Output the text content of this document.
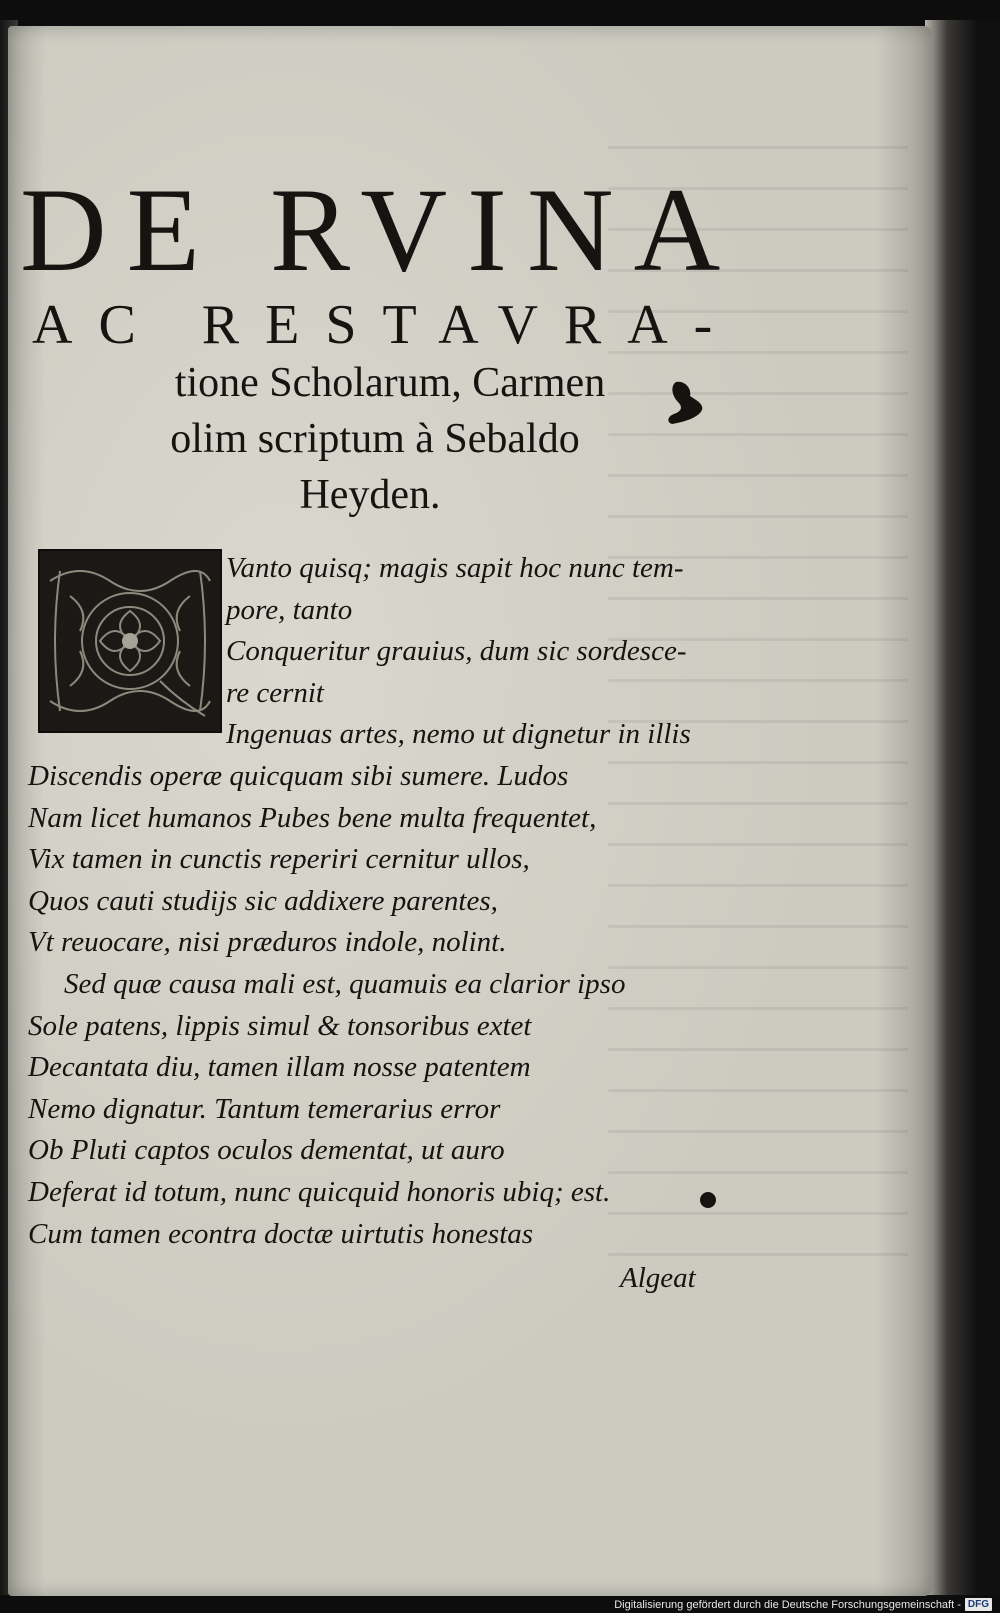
DE RVINA
AC RESTAVRA-
tione Scholarum, Carmen
olim scriptum à Sebaldo
Heyden.
Vanto quisq; magis sapit hoc nunc tem-
pore, tanto
Conqueritur grauius, dum sic sordesce-
re cernit
Ingenuas artes, nemo ut dignetur in illis
Discendis operæ quicquam sibi sumere. Ludos
Nam licet humanos Pubes bene multa frequentet,
Vix tamen in cunctis reperiri cernitur ullos,
Quos cauti studijs sic addixere parentes,
Vt reuocare, nisi præduros indole, nolint.
Sed quæ causa mali est, quamuis ea clarior ipso
Sole patens, lippis simul & tonsoribus extet
Decantata diu, tamen illam nosse patentem
Nemo dignatur. Tantum temerarius error
Ob Pluti captos oculos dementat, ut auro
Deferat id totum, nunc quicquid honoris ubiq; est.
Cum tamen econtra doctæ uirtutis honestas
Algeat
Digitalisierung gefördert durch die Deutsche Forschungsgemeinschaft - DFG
